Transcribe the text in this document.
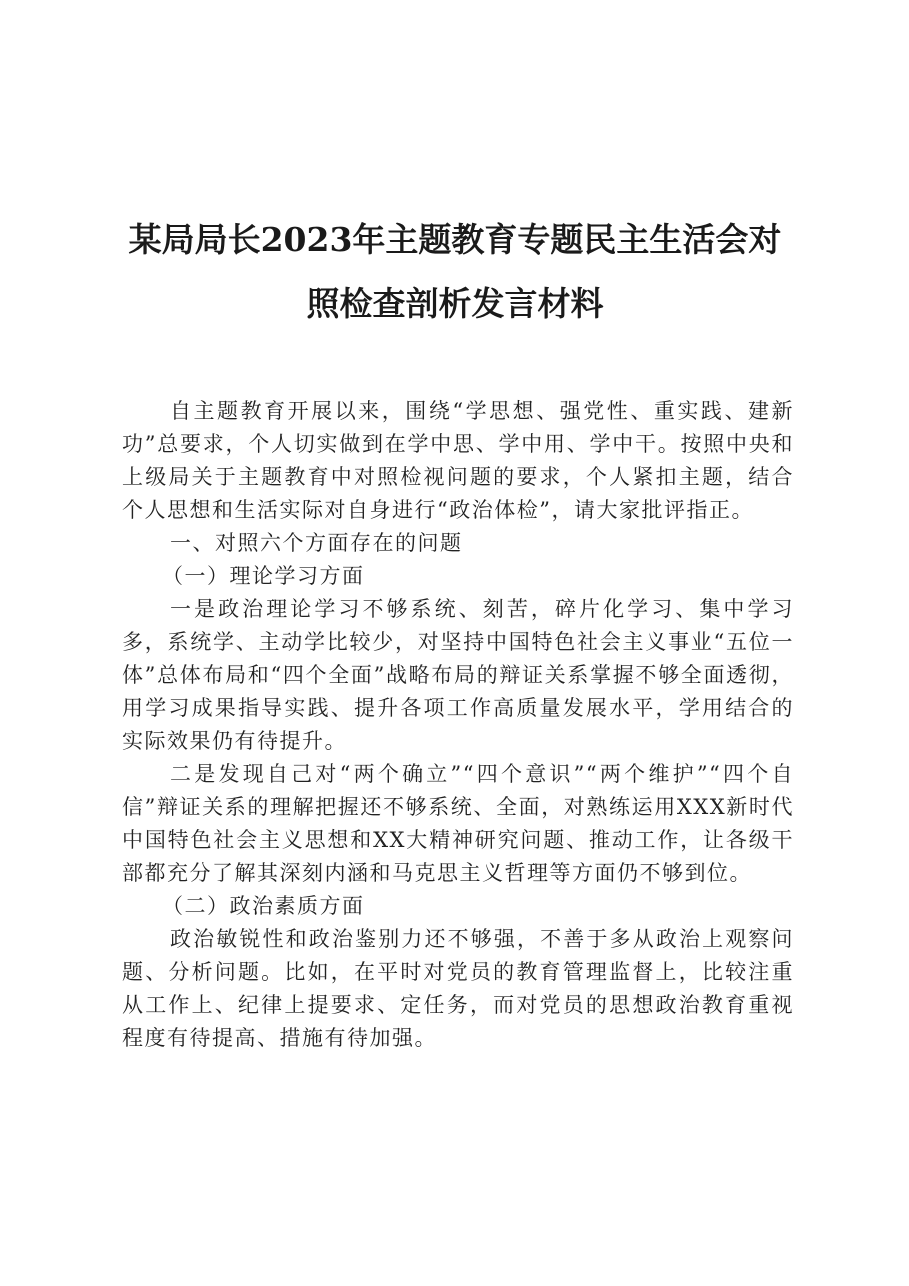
某局局长2023年主题教育专题民主生活会对
照检查剖析发言材料

自主题教育开展以来，围绕“学思想、强党性、重实践、建新功”总要求，个人切实做到在学中思、学中用、学中干。按照中央和上级局关于主题教育中对照检视问题的要求，个人紧扣主题，结合个人思想和生活实际对自身进行“政治体检”，请大家批评指正。

一、对照六个方面存在的问题

（一）理论学习方面

一是政治理论学习不够系统、刻苦，碎片化学习、集中学习多，系统学、主动学比较少，对坚持中国特色社会主义事业“五位一体”总体布局和“四个全面”战略布局的辩证关系掌握不够全面透彻，用学习成果指导实践、提升各项工作高质量发展水平，学用结合的实际效果仍有待提升。

二是发现自己对“两个确立”“四个意识”“两个维护”“四个自信”辩证关系的理解把握还不够系统、全面，对熟练运用XXX新时代中国特色社会主义思想和XX大精神研究问题、推动工作，让各级干部都充分了解其深刻内涵和马克思主义哲理等方面仍不够到位。

（二）政治素质方面

政治敏锐性和政治鉴别力还不够强，不善于多从政治上观察问题、分析问题。比如，在平时对党员的教育管理监督上，比较注重从工作上、纪律上提要求、定任务，而对党员的思想政治教育重视程度有待提高、措施有待加强。
